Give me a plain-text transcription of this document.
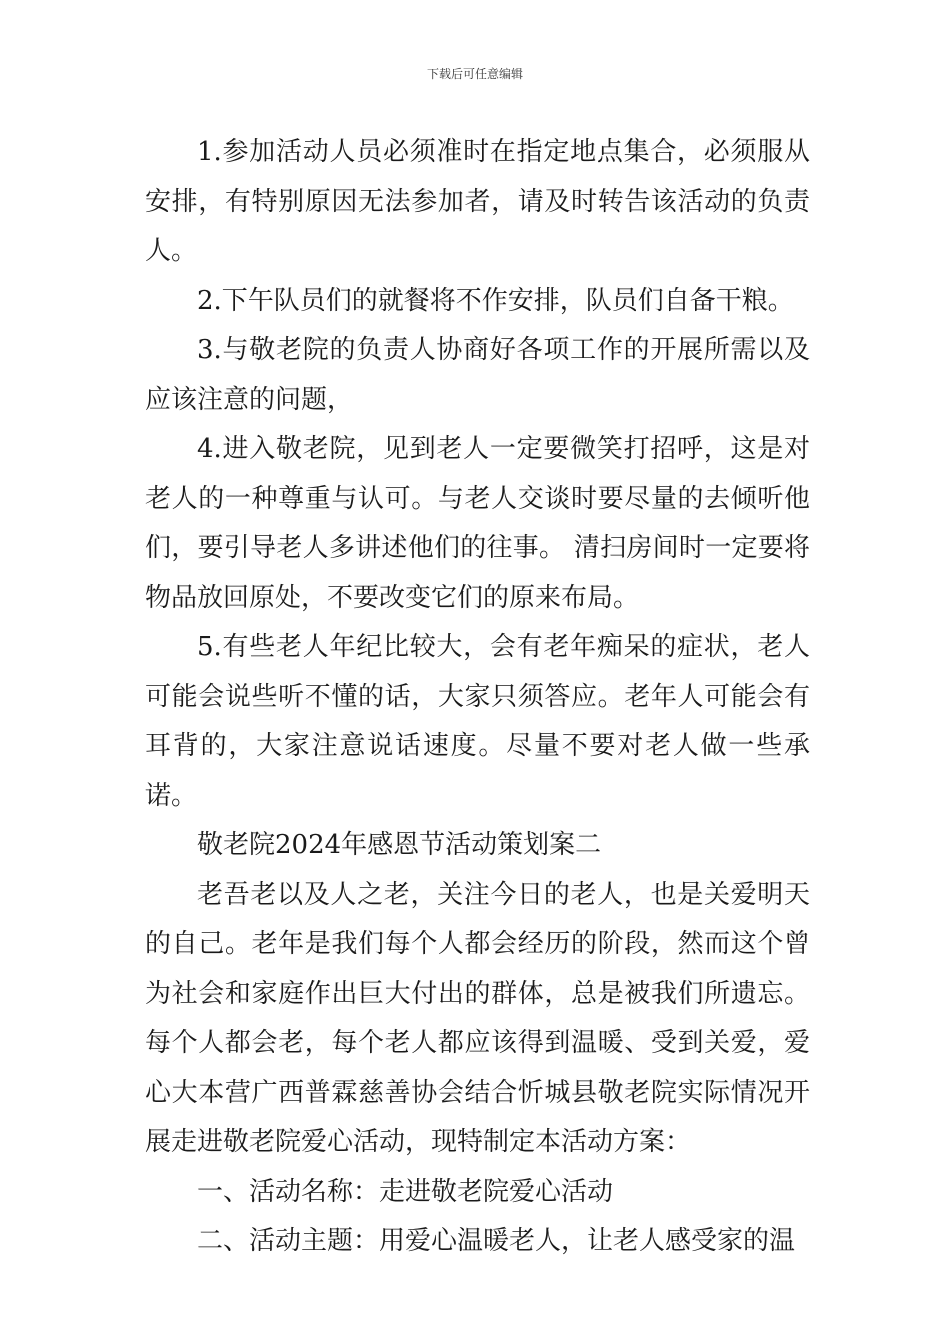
下载后可任意编辑

1.参加活动人员必须准时在指定地点集合，必须服从安排，有特别原因无法参加者，请及时转告该活动的负责人。

2.下午队员们的就餐将不作安排，队员们自备干粮。

3.与敬老院的负责人协商好各项工作的开展所需以及应该注意的问题，

4.进入敬老院，见到老人一定要微笑打招呼，这是对老人的一种尊重与认可。与老人交谈时要尽量的去倾听他们，要引导老人多讲述他们的往事。 清扫房间时一定要将物品放回原处，不要改变它们的原来布局。

5.有些老人年纪比较大，会有老年痴呆的症状，老人可能会说些听不懂的话，大家只须答应。老年人可能会有耳背的，大家注意说话速度。尽量不要对老人做一些承诺。

敬老院2024年感恩节活动策划案二

老吾老以及人之老，关注今日的老人，也是关爱明天的自己。老年是我们每个人都会经历的阶段，然而这个曾为社会和家庭作出巨大付出的群体，总是被我们所遗忘。每个人都会老，每个老人都应该得到温暖、受到关爱，爱心大本营广西普霖慈善协会结合忻城县敬老院实际情况开展走进敬老院爱心活动，现特制定本活动方案：

一、活动名称：走进敬老院爱心活动

二、活动主题：用爱心温暖老人，让老人感受家的温
